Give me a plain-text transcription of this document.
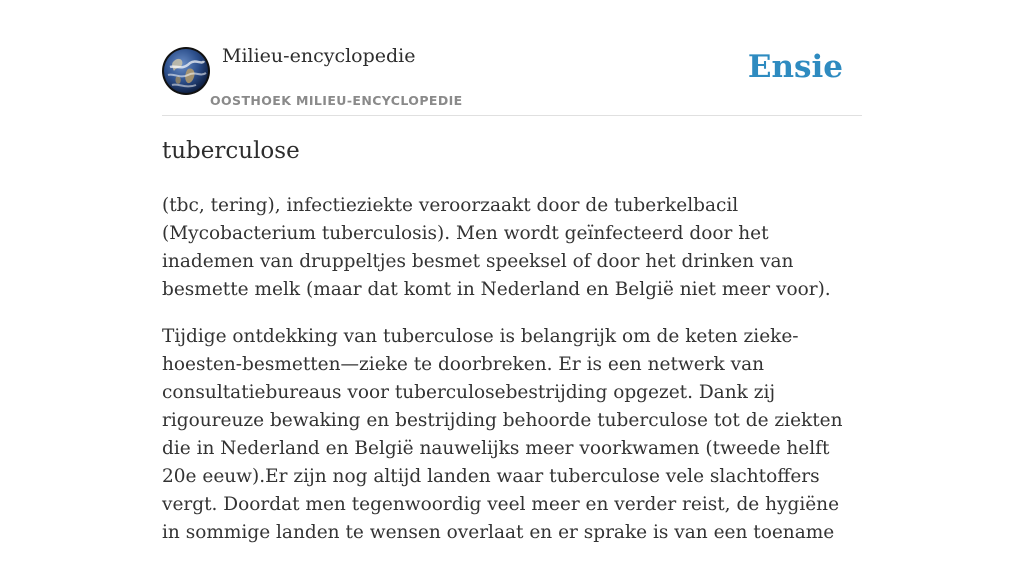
Milieu-encyclopedie
OOSTHOEK MILIEU-ENCYCLOPEDIE
Ensie
tuberculose

(tbc, tering), infectieziekte veroorzaakt door de tuberkelbacil (Mycobacterium tuberculosis). Men wordt geïnfecteerd door het inademen van druppeltjes besmet speeksel of door het drinken van besmette melk (maar dat komt in Nederland en België niet meer voor).

Tijdige ontdekking van tuberculose is belangrijk om de keten zieke-hoesten-besmetten—zieke te doorbreken. Er is een netwerk van consultatiebureaus voor tuberculosebestrijding opgezet. Dank zij rigoureuze bewaking en bestrijding behoorde tuberculose tot de ziekten die in Nederland en België nauwelijks meer voorkwamen (tweede helft 20e eeuw).Er zijn nog altijd landen waar tuberculose vele slachtoffers vergt. Doordat men tegenwoordig veel meer en verder reist, de hygiëne in sommige landen te wensen overlaat en er sprake is van een toename
